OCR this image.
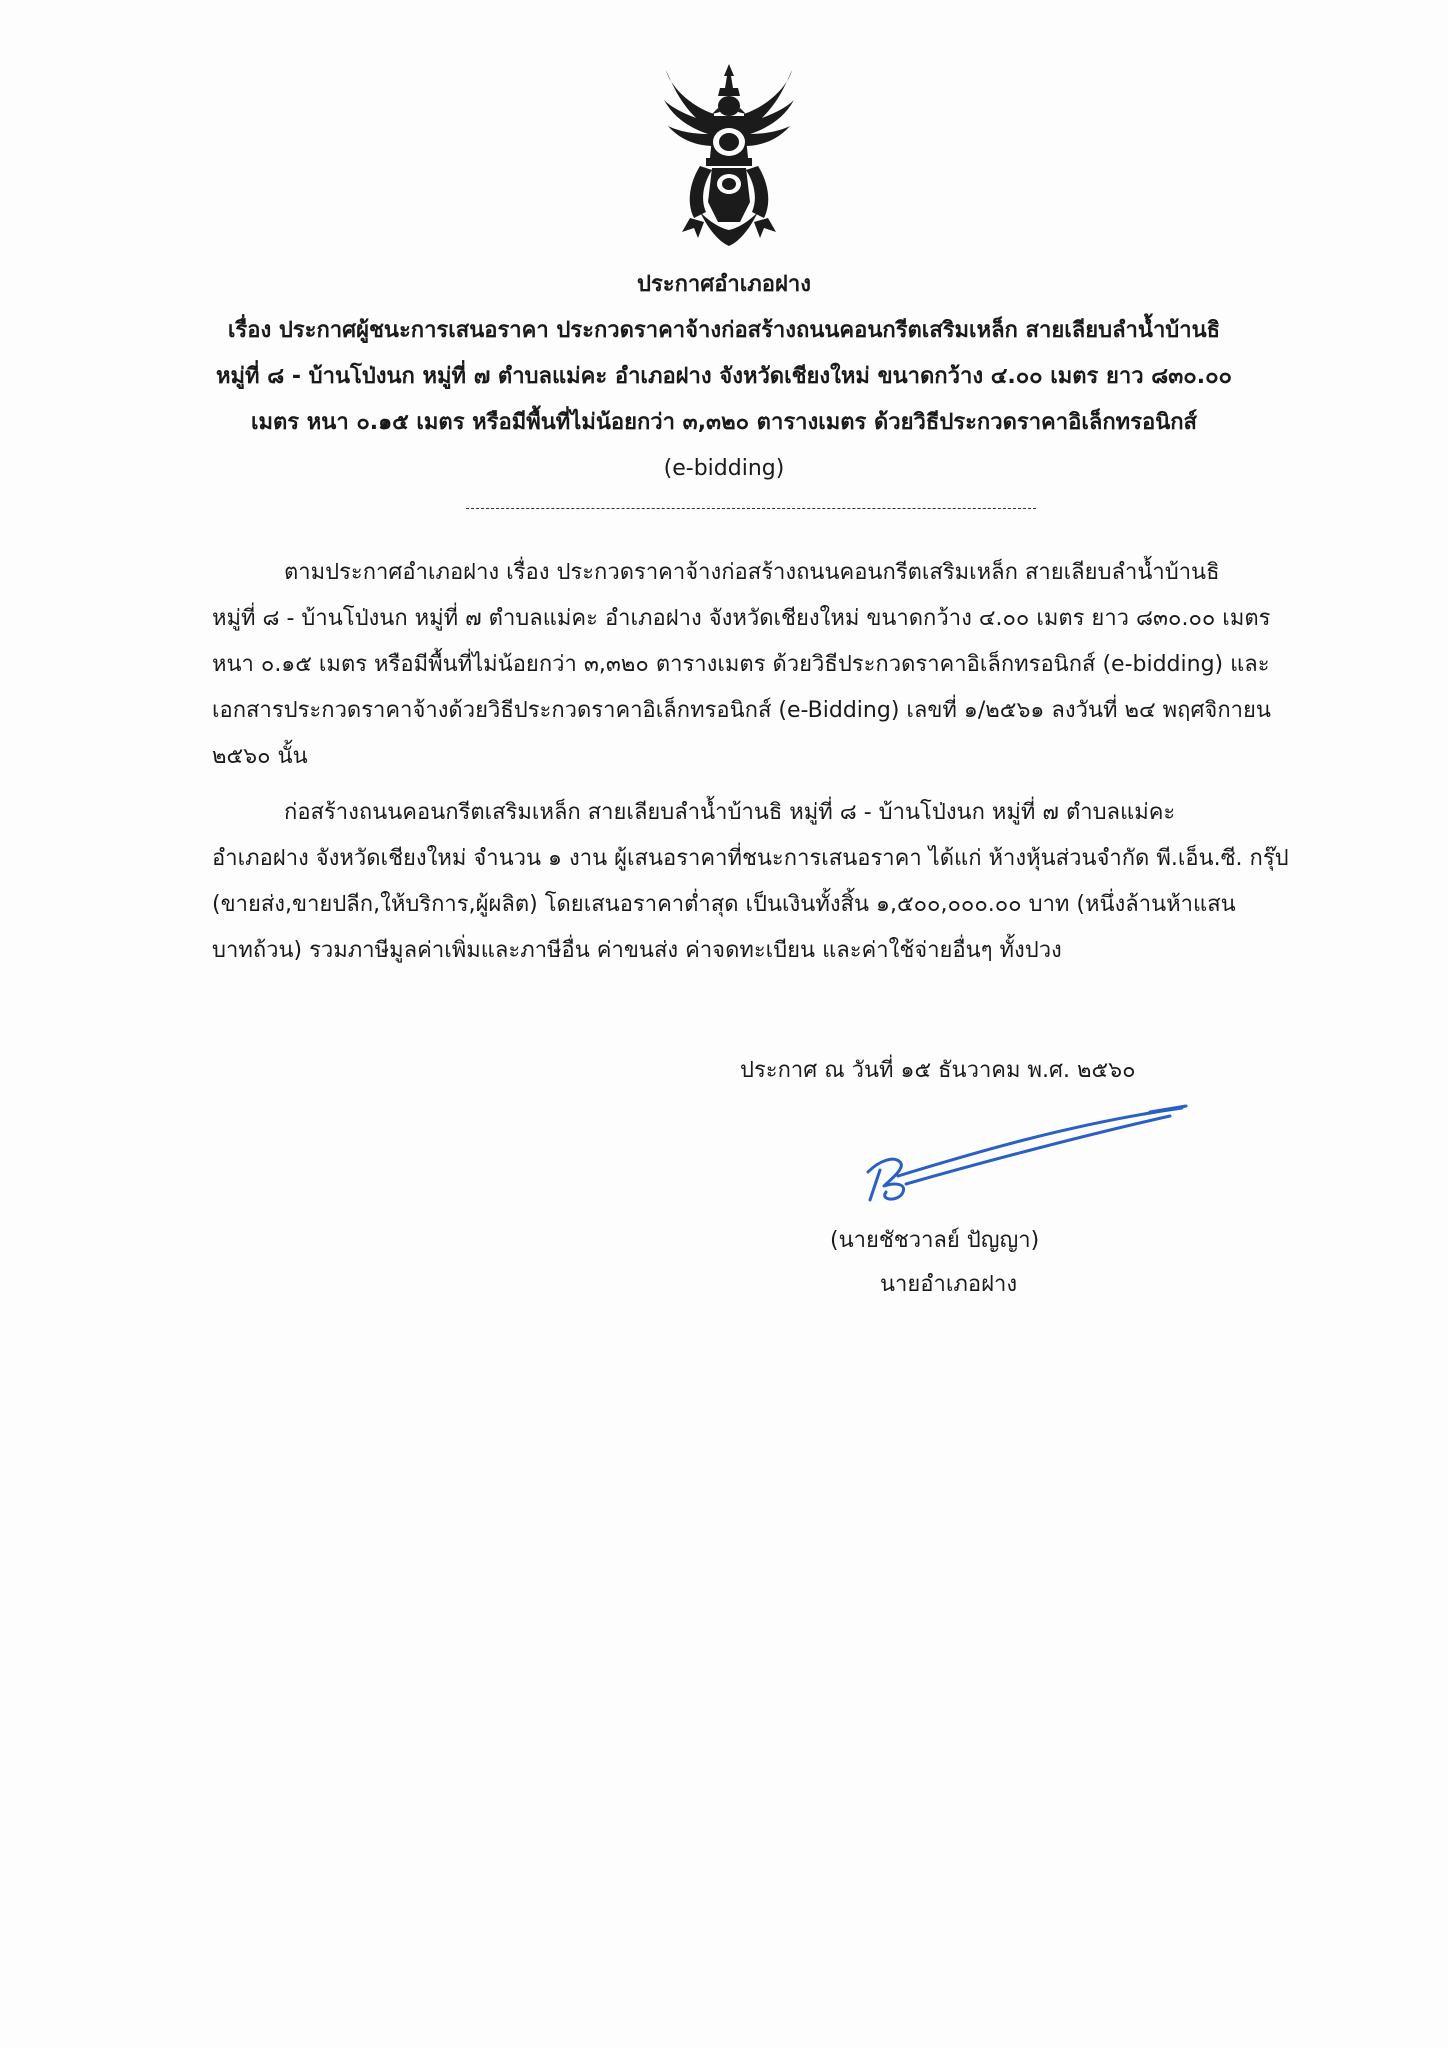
ประกาศอำเภอฝาง
เรื่อง ประกาศผู้ชนะการเสนอราคา ประกวดราคาจ้างก่อสร้างถนนคอนกรีตเสริมเหล็ก สายเลียบลำน้ำบ้านธิ
หมู่ที่ ๘ - บ้านโป่งนก หมู่ที่ ๗ ตำบลแม่คะ อำเภอฝาง จังหวัดเชียงใหม่ ขนาดกว้าง ๔.๐๐ เมตร ยาว ๘๓๐.๐๐
เมตร หนา ๐.๑๕ เมตร หรือมีพื้นที่ไม่น้อยกว่า ๓,๓๒๐ ตารางเมตร ด้วยวิธีประกวดราคาอิเล็กทรอนิกส์
(e-bidding)
ตามประกาศอำเภอฝาง เรื่อง ประกวดราคาจ้างก่อสร้างถนนคอนกรีตเสริมเหล็ก สายเลียบลำน้ำบ้านธิ
หมู่ที่ ๘ - บ้านโป่งนก หมู่ที่ ๗ ตำบลแม่คะ อำเภอฝาง จังหวัดเชียงใหม่ ขนาดกว้าง ๔.๐๐ เมตร ยาว ๘๓๐.๐๐ เมตร
หนา ๐.๑๕ เมตร หรือมีพื้นที่ไม่น้อยกว่า ๓,๓๒๐ ตารางเมตร ด้วยวิธีประกวดราคาอิเล็กทรอนิกส์ (e-bidding) และ
เอกสารประกวดราคาจ้างด้วยวิธีประกวดราคาอิเล็กทรอนิกส์ (e-Bidding) เลขที่ ๑/๒๕๖๑ ลงวันที่ ๒๔ พฤศจิกายน
๒๕๖๐ นั้น
ก่อสร้างถนนคอนกรีตเสริมเหล็ก สายเลียบลำน้ำบ้านธิ หมู่ที่ ๘ - บ้านโป่งนก หมู่ที่ ๗ ตำบลแม่คะ
อำเภอฝาง จังหวัดเชียงใหม่ จำนวน ๑ งาน ผู้เสนอราคาที่ชนะการเสนอราคา ได้แก่ ห้างหุ้นส่วนจำกัด พี.เอ็น.ซี. กรุ๊ป
(ขายส่ง,ขายปลีก,ให้บริการ,ผู้ผลิต) โดยเสนอราคาต่ำสุด เป็นเงินทั้งสิ้น ๑,๕๐๐,๐๐๐.๐๐ บาท (หนึ่งล้านห้าแสน
บาทถ้วน) รวมภาษีมูลค่าเพิ่มและภาษีอื่น ค่าขนส่ง ค่าจดทะเบียน และค่าใช้จ่ายอื่นๆ ทั้งปวง
ประกาศ ณ วันที่ ๑๕ ธันวาคม พ.ศ. ๒๕๖๐
(นายชัชวาลย์ ปัญญา)
นายอำเภอฝาง
